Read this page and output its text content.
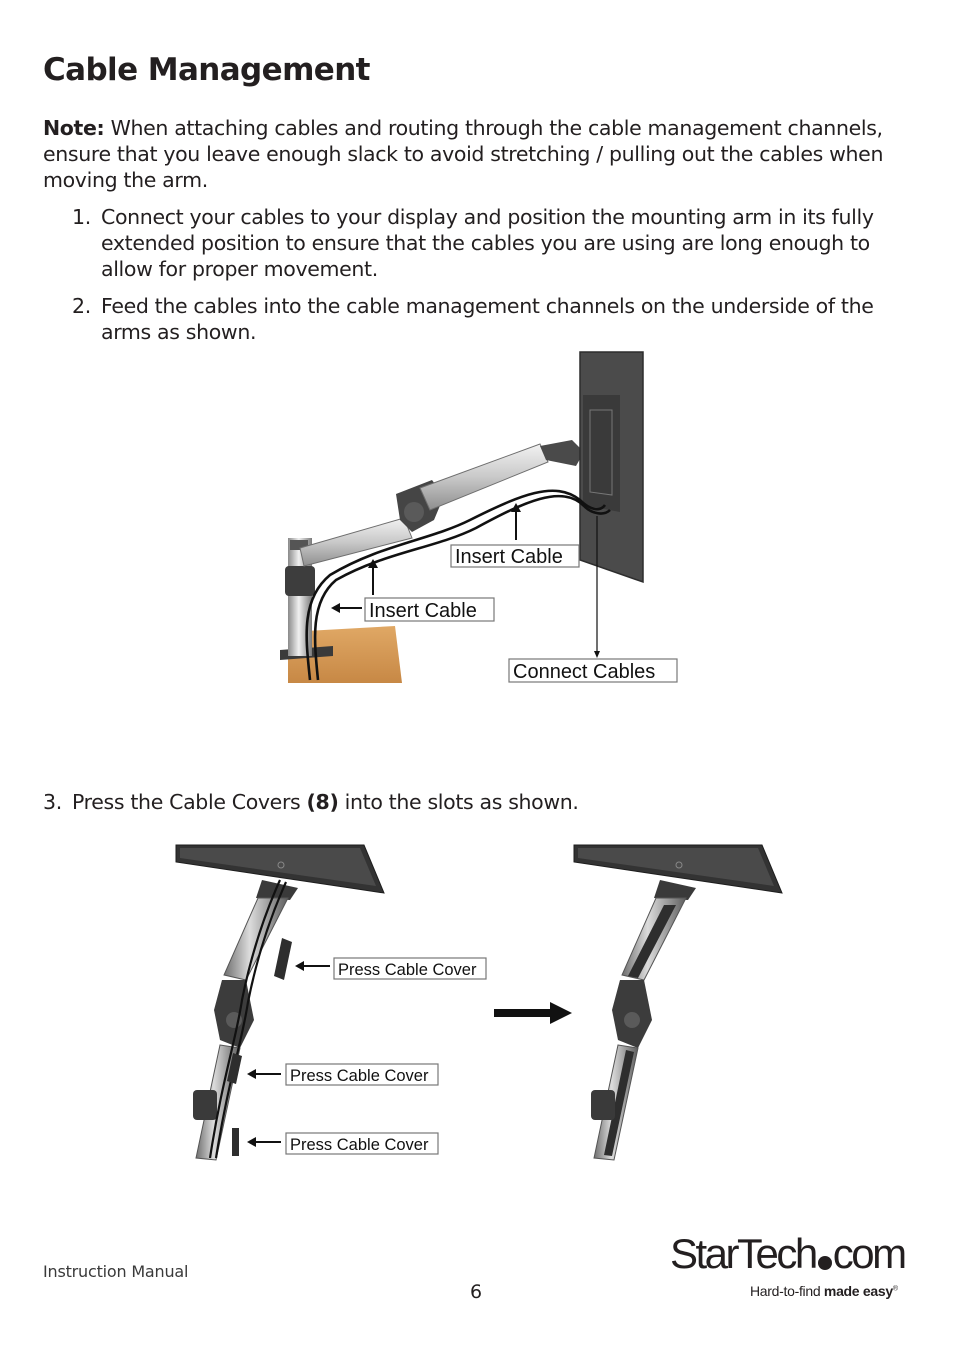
Cable Management

Note: When attaching cables and routing through the cable management channels, ensure that you leave enough slack to avoid stretching / pulling out the cables when moving the arm.

1. Connect your cables to your display and position the mounting arm in its fully extended position to ensure that the cables you are using are long enough to allow for proper movement.
2. Feed the cables into the cable management channels on the underside of the arms as shown.
Insert Cable
Insert Cable
Connect Cables
3. Press the Cable Covers (8) into the slots as shown.
Press Cable Cover
Press Cable Cover
Press Cable Cover
Instruction Manual
6
StarTech com
Hard-to-find made easy®
